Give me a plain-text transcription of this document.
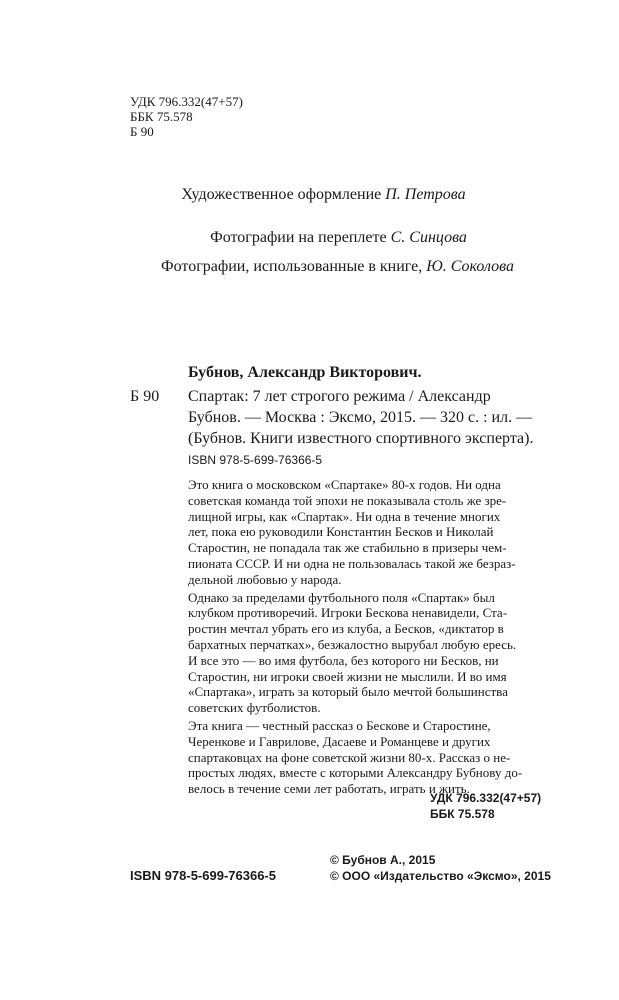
УДК 796.332(47+57)
ББК 75.578
Б 90
Художественное оформление П. Петрова
Фотографии на переплете С. Синцова
Фотографии, использованные в книге, Ю. Соколова
Бубнов, Александр Викторович.
Б 90	Спартак: 7 лет строгого режима / Александр
Бубнов. — Москва : Эксмо, 2015. — 320 с. : ил. —
(Бубнов. Книги известного спортивного эксперта).
ISBN 978-5-699-76366-5

Это книга о московском «Спартаке» 80-х годов. Ни одна
советская команда той эпохи не показывала столь же зре-
лищной игры, как «Спартак». Ни одна в течение многих
лет, пока ею руководили Константин Бесков и Николай
Старостин, не попадала так же стабильно в призеры чем-
пионата СССР. И ни одна не пользовалась такой же безраз-
дельной любовью у народа.

Однако за пределами футбольного поля «Спартак» был
клубком противоречий. Игроки Бескова ненавидели, Ста-
ростин мечтал убрать его из клуба, а Бесков, «диктатор в
бархатных перчатках», безжалостно вырубал любую ересь.
И все это — во имя футбола, без которого ни Бесков, ни
Старостин, ни игроки своей жизни не мыслили. И во имя
«Спартака», играть за который было мечтой большинства
советских футболистов.

Эта книга — честный рассказ о Бескове и Старостине,
Черенкове и Гаврилове, Дасаеве и Романцеве и других
спартаковцах на фоне советской жизни 80-х. Рассказ о не-
простых людях, вместе с которыми Александру Бубнову до-
велось в течение семи лет работать, играть и жить.

УДК 796.332(47+57)
ББК 75.578
ISBN 978-5-699-76366-5
© Бубнов А., 2015
© ООО «Издательство «Эксмо», 2015
